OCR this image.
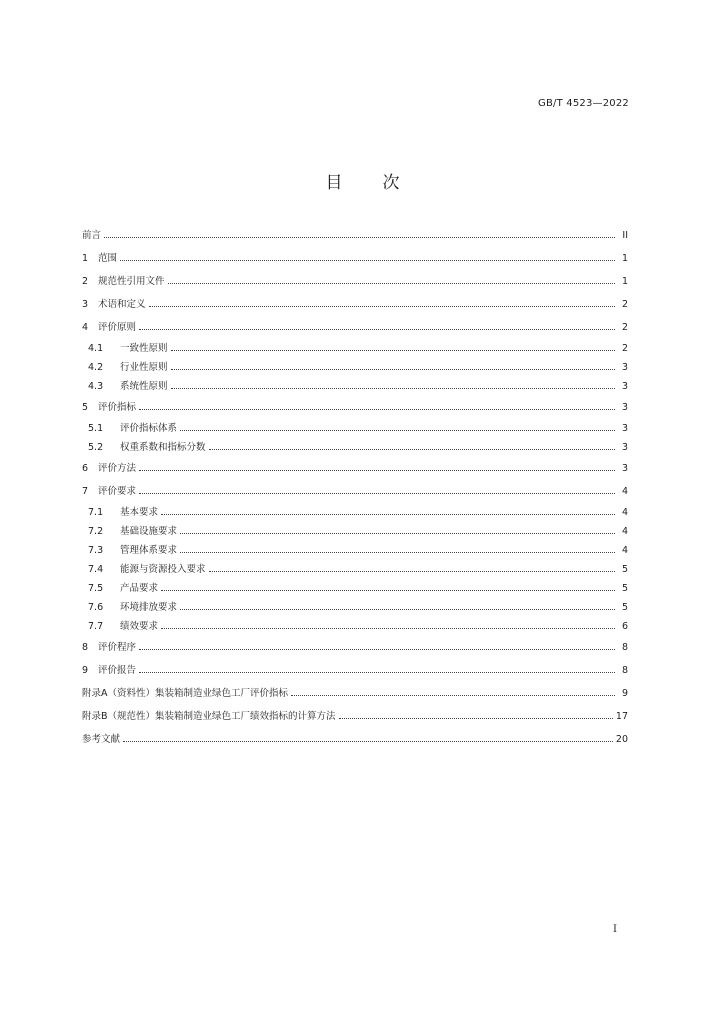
GB/T 4523—2022
目次
前言	II
1	范围	1
2	规范性引用文件	1
3	术语和定义	2
4	评价原则	2
4.1	一致性原则	2
4.2	行业性原则	3
4.3	系统性原则	3
5	评价指标	3
5.1	评价指标体系	3
5.2	权重系数和指标分数	3
6	评价方法	3
7	评价要求	4
7.1	基本要求	4
7.2	基础设施要求	4
7.3	管理体系要求	4
7.4	能源与资源投入要求	5
7.5	产品要求	5
7.6	环境排放要求	5
7.7	绩效要求	6
8	评价程序	8
9	评价报告	8
附录A（资料性）集装箱制造业绿色工厂评价指标	9
附录B（规范性）集装箱制造业绿色工厂绩效指标的计算方法	17
参考文献	20
I
